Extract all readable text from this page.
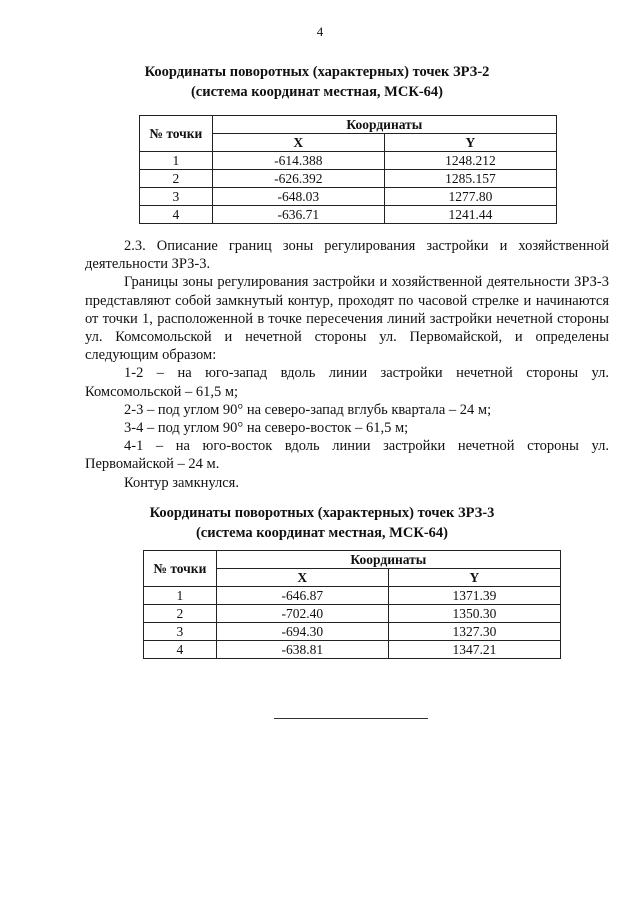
4
Координаты поворотных (характерных) точек ЗРЗ-2
(система координат местная, МСК-64)
№ точки	Координаты	
	X	Y
1	-614.388	1248.212
2	-626.392	1285.157
3	-648.03	1277.80
4	-636.71	1241.44

2.3. Описание границ зоны регулирования застройки и хозяйственной деятельности ЗРЗ-3.

Границы зоны регулирования застройки и хозяйственной деятельности ЗРЗ-3 представляют собой замкнутый контур, проходят по часовой стрелке и начинаются от точки 1, расположенной в точке пересечения линий застройки нечетной стороны ул. Комсомольской и нечетной стороны ул. Первомайской, и определены следующим образом:

1-2 – на юго-запад вдоль линии застройки нечетной стороны ул. Комсомольской – 61,5 м;

2-3 – под углом 90° на северо-запад вглубь квартала – 24 м;

3-4 – под углом 90° на северо-восток – 61,5 м;

4-1 – на юго-восток вдоль линии застройки нечетной стороны ул. Первомайской – 24 м.

Контур замкнулся.

Координаты поворотных (характерных) точек ЗРЗ-3
(система координат местная, МСК-64)
№ точки	Координаты	
	X	Y
1	-646.87	1371.39
2	-702.40	1350.30
3	-694.30	1327.30
4	-638.81	1347.21
